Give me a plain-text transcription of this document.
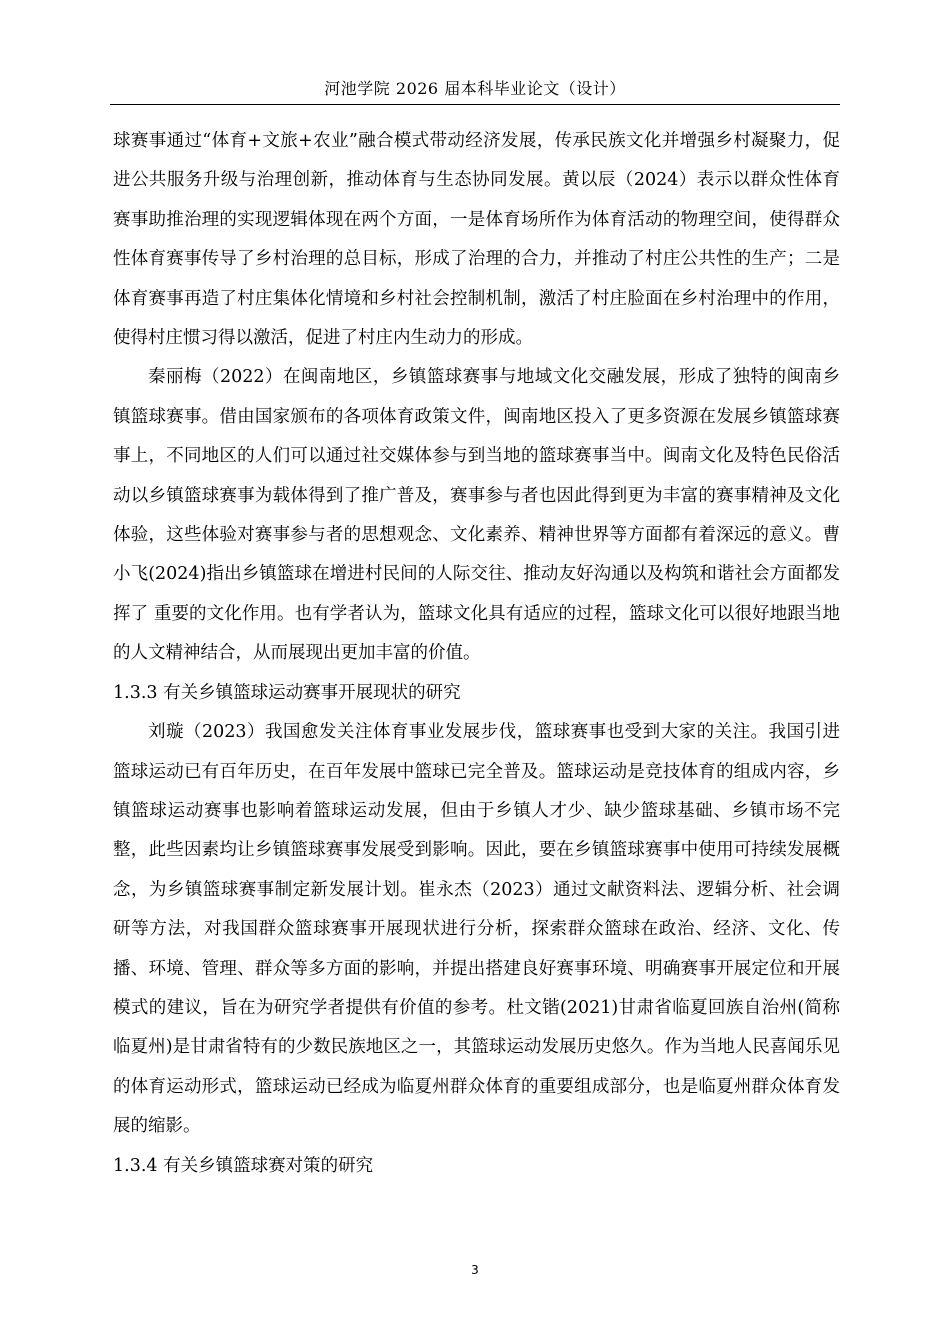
河池学院 2026 届本科毕业论文（设计）

球赛事通过“体育+文旅+农业”融合模式带动经济发展，传承民族文化并增强乡村凝聚力，促进公共服务升级与治理创新，推动体育与生态协同发展。黄以辰（2024）表示以群众性体育赛事助推治理的实现逻辑体现在两个方面，一是体育场所作为体育活动的物理空间，使得群众性体育赛事传导了乡村治理的总目标，形成了治理的合力，并推动了村庄公共性的生产；二是体育赛事再造了村庄集体化情境和乡村社会控制机制，激活了村庄脸面在乡村治理中的作用，使得村庄惯习得以激活，促进了村庄内生动力的形成。

秦丽梅（2022）在闽南地区，乡镇篮球赛事与地域文化交融发展，形成了独特的闽南乡镇篮球赛事。借由国家颁布的各项体育政策文件，闽南地区投入了更多资源在发展乡镇篮球赛事上，不同地区的人们可以通过社交媒体参与到当地的篮球赛事当中。闽南文化及特色民俗活动以乡镇篮球赛事为载体得到了推广普及，赛事参与者也因此得到更为丰富的赛事精神及文化体验，这些体验对赛事参与者的思想观念、文化素养、精神世界等方面都有着深远的意义。曹小飞(2024)指出乡镇篮球在增进村民间的人际交往、推动友好沟通以及构筑和谐社会方面都发挥了 重要的文化作用。也有学者认为，篮球文化具有适应的过程，篮球文化可以很好地跟当地的人文精神结合，从而展现出更加丰富的价值。

1.3.3 有关乡镇篮球运动赛事开展现状的研究

刘璇（2023）我国愈发关注体育事业发展步伐，篮球赛事也受到大家的关注。我国引进篮球运动已有百年历史，在百年发展中篮球已完全普及。篮球运动是竞技体育的组成内容，乡镇篮球运动赛事也影响着篮球运动发展，但由于乡镇人才少、缺少篮球基础、乡镇市场不完整，此些因素均让乡镇篮球赛事发展受到影响。因此，要在乡镇篮球赛事中使用可持续发展概念，为乡镇篮球赛事制定新发展计划。崔永杰（2023）通过文献资料法、逻辑分析、社会调研等方法，对我国群众篮球赛事开展现状进行分析，探索群众篮球在政治、经济、文化、传播、环境、管理、群众等多方面的影响，并提出搭建良好赛事环境、明确赛事开展定位和开展模式的建议，旨在为研究学者提供有价值的参考。杜文锴(2021)甘肃省临夏回族自治州(简称临夏州)是甘肃省特有的少数民族地区之一，其篮球运动发展历史悠久。作为当地人民喜闻乐见的体育运动形式，篮球运动已经成为临夏州群众体育的重要组成部分，也是临夏州群众体育发展的缩影。

1.3.4 有关乡镇篮球赛对策的研究
3
